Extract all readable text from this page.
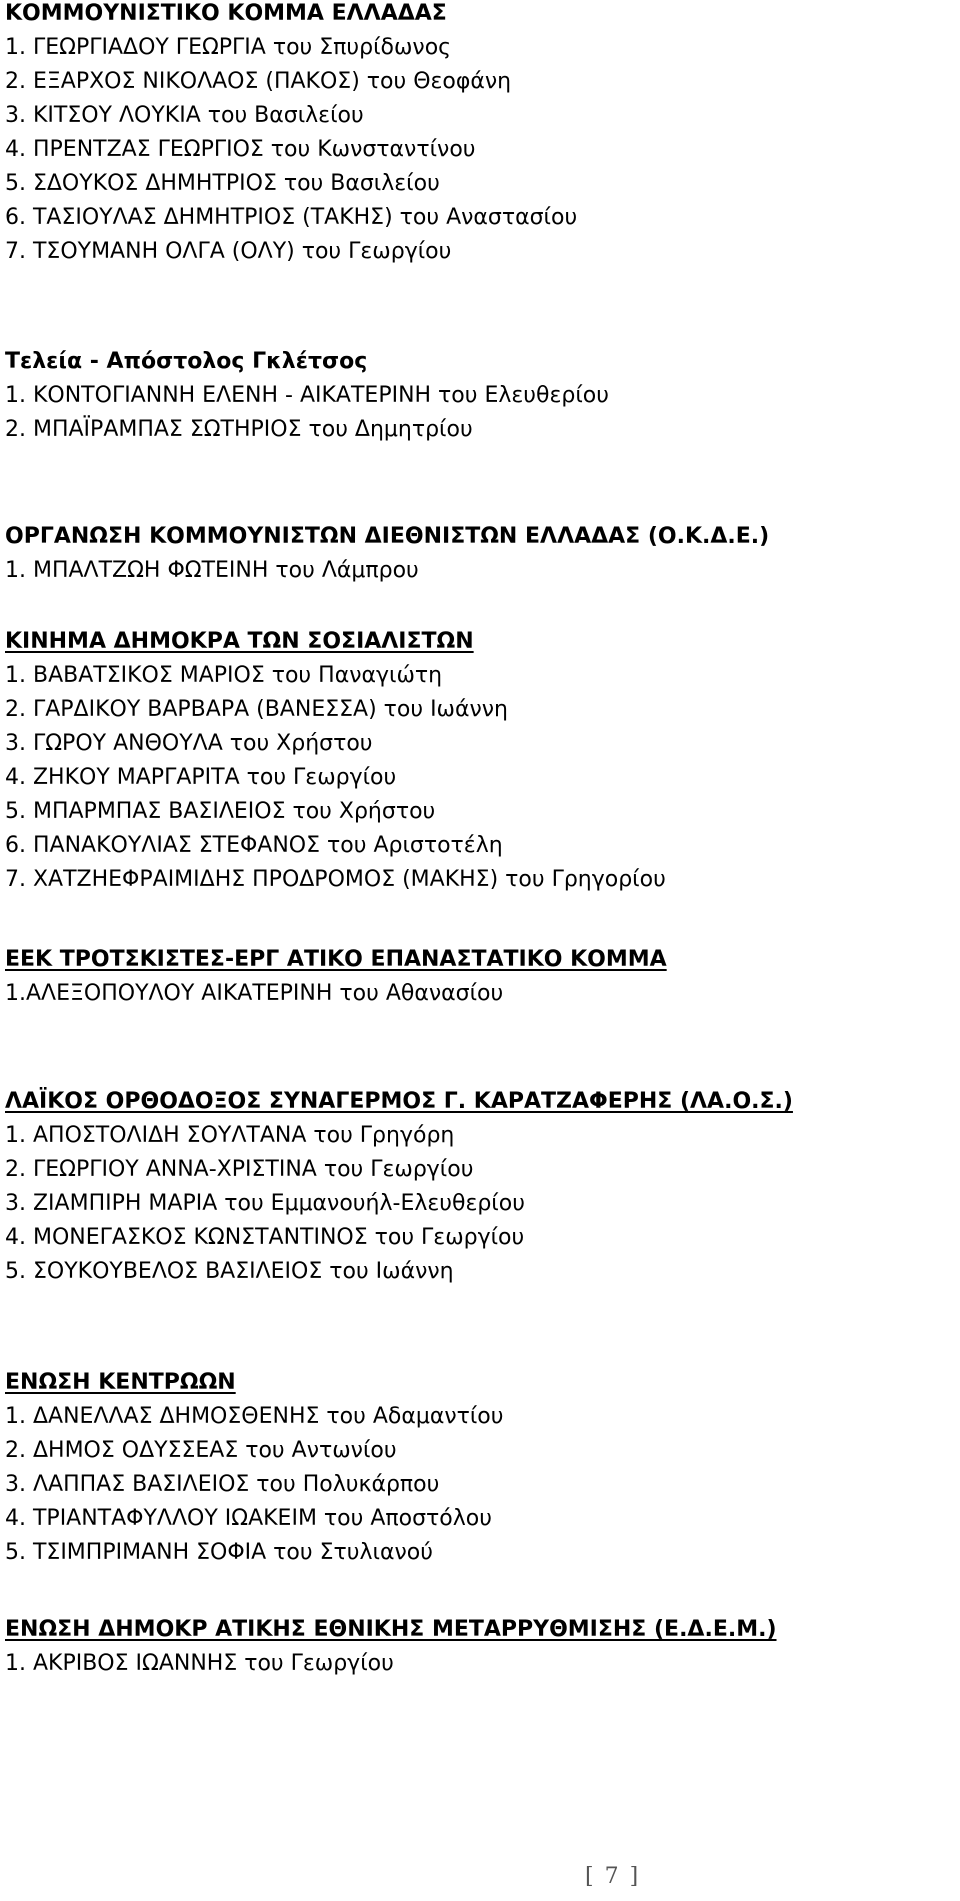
ΚΟΜΜΟΥΝΙΣΤΙΚΟ ΚΟΜΜΑ ΕΛΛΑΔΑΣ
1. ΓΕΩΡΓΙΑΔΟΥ ΓΕΩΡΓΙΑ του Σπυρίδωνος
2. ΕΞΑΡΧΟΣ ΝΙΚΟΛΑΟΣ (ΠΑΚΟΣ) του Θεοφάνη
3. ΚΙΤΣΟΥ ΛΟΥΚΙΑ του Βασιλείου
4. ΠΡΕΝΤΖΑΣ ΓΕΩΡΓΙΟΣ του Κωνσταντίνου
5. ΣΔΟΥΚΟΣ ΔΗΜΗΤΡΙΟΣ του Βασιλείου
6. ΤΑΣΙΟΥΛΑΣ ΔΗΜΗΤΡΙΟΣ (ΤΑΚΗΣ) του Αναστασίου
7. ΤΣΟΥΜΑΝΗ ΟΛΓΑ (ΟΛΥ) του Γεωργίου
Τελεία - Απόστολος Γκλέτσος
1. ΚΟΝΤΟΓΙΑΝΝΗ ΕΛΕΝΗ - ΑΙΚΑΤΕΡΙΝΗ του Ελευθερίου
2. ΜΠΑΪΡΑΜΠΑΣ ΣΩΤΗΡΙΟΣ του Δημητρίου
ΟΡΓΑΝΩΣΗ ΚΟΜΜΟΥΝΙΣΤΩΝ ΔΙΕΘΝΙΣΤΩΝ ΕΛΛΑΔΑΣ (Ο.Κ.Δ.Ε.)
1. ΜΠΑΛΤΖΩΗ ΦΩΤΕΙΝΗ του Λάμπρου
ΚΙΝΗΜΑ ΔΗΜΟΚΡΑ ΤΩΝ ΣΟΣΙΑΛΙΣΤΩΝ
1. ΒΑΒΑΤΣΙΚΟΣ ΜΑΡΙΟΣ του Παναγιώτη
2. ΓΑΡΔΙΚΟΥ ΒΑΡΒΑΡΑ (ΒΑΝΕΣΣΑ) του Ιωάννη
3. ΓΩΡΟΥ ΑΝΘΟΥΛΑ του Χρήστου
4. ΖΗΚΟΥ ΜΑΡΓΑΡΙΤΑ του Γεωργίου
5. ΜΠΑΡΜΠΑΣ ΒΑΣΙΛΕΙΟΣ του Χρήστου
6. ΠΑΝΑΚΟΥΛΙΑΣ ΣΤΕΦΑΝΟΣ του Αριστοτέλη
7. ΧΑΤΖΗΕΦΡΑΙΜΙΔΗΣ ΠΡΟΔΡΟΜΟΣ (ΜΑΚΗΣ) του Γρηγορίου
ΕΕΚ ΤΡΟΤΣΚΙΣΤΕΣ-ΕΡΓ ΑΤΙΚΟ ΕΠΑΝΑΣΤΑΤΙΚΟ ΚΟΜΜΑ
1.ΑΛΕΞΟΠΟΥΛΟΥ ΑΙΚΑΤΕΡΙΝΗ του Αθανασίου
ΛΑΪΚΟΣ ΟΡΘΟΔΟΞΟΣ ΣΥΝΑΓΕΡΜΟΣ Γ. ΚΑΡΑΤΖΑΦΕΡΗΣ (ΛΑ.Ο.Σ.)
1. ΑΠΟΣΤΟΛΙΔΗ ΣΟΥΛΤΑΝΑ του Γρηγόρη
2. ΓΕΩΡΓΙΟΥ ΑΝΝΑ-ΧΡΙΣΤΙΝΑ του Γεωργίου
3. ΖΙΑΜΠΙΡΗ ΜΑΡΙΑ του Εμμανουήλ-Ελευθερίου
4. ΜΟΝΕΓΑΣΚΟΣ ΚΩΝΣΤΑΝΤΙΝΟΣ του Γεωργίου
5. ΣΟΥΚΟΥΒΕΛΟΣ ΒΑΣΙΛΕΙΟΣ του Ιωάννη
ΕΝΩΣΗ ΚΕΝΤΡΩΩΝ
1. ΔΑΝΕΛΛΑΣ ΔΗΜΟΣΘΕΝΗΣ του Αδαμαντίου
2. ΔΗΜΟΣ ΟΔΥΣΣΕΑΣ του Αντωνίου
3. ΛΑΠΠΑΣ ΒΑΣΙΛΕΙΟΣ του Πολυκάρπου
4. ΤΡΙΑΝΤΑΦΥΛΛΟΥ ΙΩΑΚΕΙΜ του Αποστόλου
5. ΤΣΙΜΠΡΙΜΑΝΗ ΣΟΦΙΑ του Στυλιανού
ΕΝΩΣΗ ΔΗΜΟΚΡ ΑΤΙΚΗΣ ΕΘΝΙΚΗΣ ΜΕΤΑΡΡΥΘΜΙΣΗΣ (Ε.Δ.Ε.Μ.)
1. ΑΚΡΙΒΟΣ ΙΩΑΝΝΗΣ του Γεωργίου
[ 7 ]
